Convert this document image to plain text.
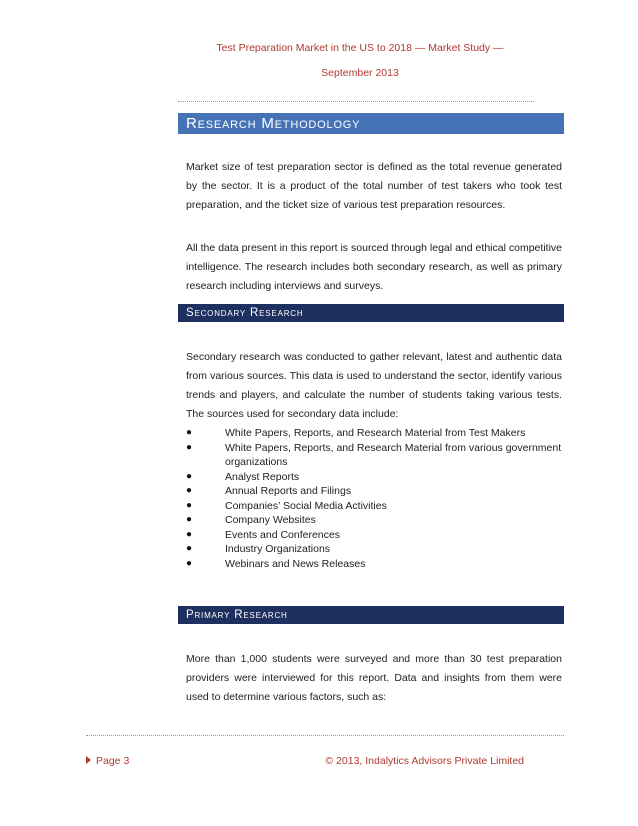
Test Preparation Market in the US to 2018 — Market Study —
September 2013
Research Methodology

Market size of test preparation sector is defined as the total revenue generated by the sector. It is a product of the total number of test takers who took test preparation, and the ticket size of various test preparation resources.

All the data present in this report is sourced through legal and ethical competitive intelligence. The research includes both secondary research, as well as primary research including interviews and surveys.

Secondary Research

Secondary research was conducted to gather relevant, latest and authentic data from various sources. This data is used to understand the sector, identify various trends and players, and calculate the number of students taking various tests. The sources used for secondary data include:

●	White Papers, Reports, and Research Material from Test Makers
●	White Papers, Reports, and Research Material from various government organizations
●	Analyst Reports
●	Annual Reports and Filings
●	Companies’ Social Media Activities
●	Company Websites
●	Events and Conferences
●	Industry Organizations
●	Webinars and News Releases
Primary Research

More than 1,000 students were surveyed and more than 30 test preparation providers were interviewed for this report. Data and insights from them were used to determine various factors, such as:

Page 3	© 2013, Indalytics Advisors Private Limited
